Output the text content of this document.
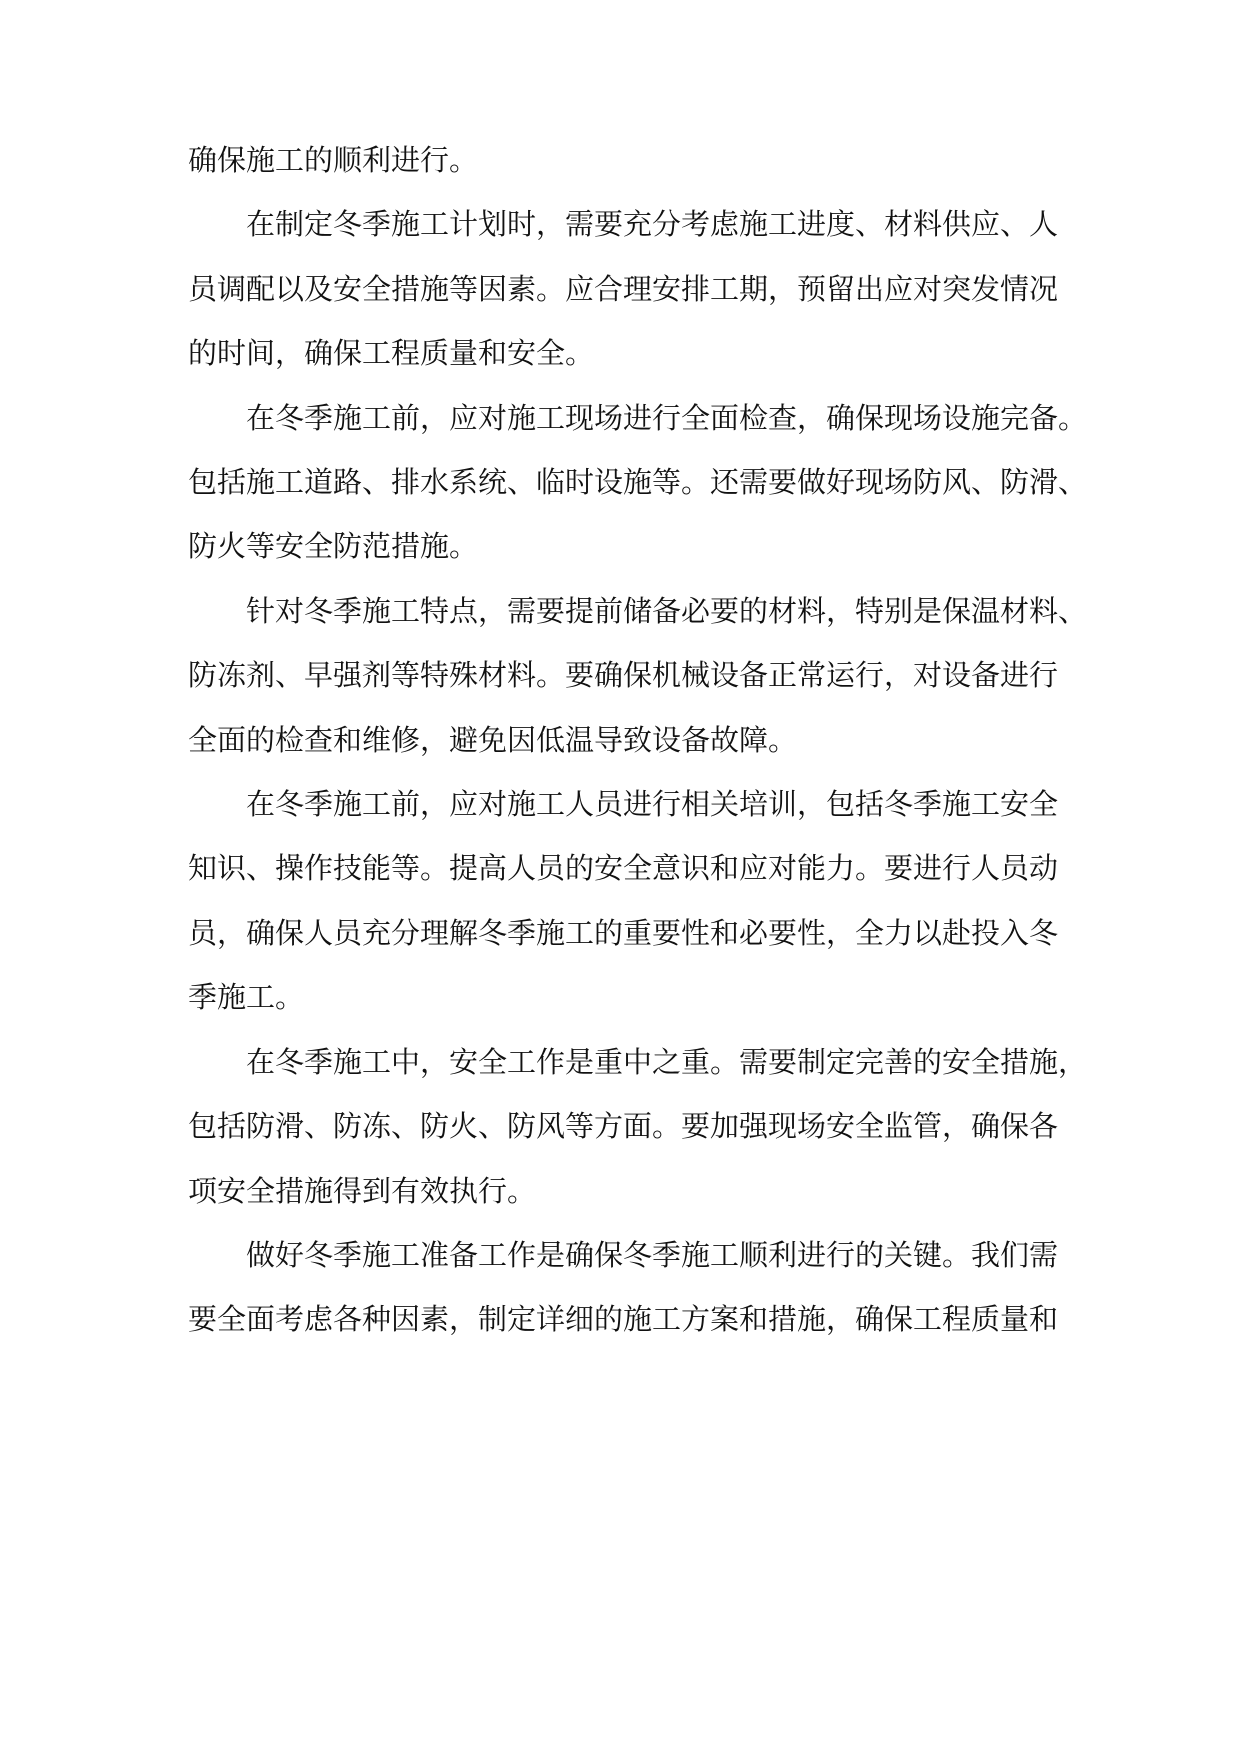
确保施工的顺利进行。
在制定冬季施工计划时，需要充分考虑施工进度、材料供应、人
员调配以及安全措施等因素。应合理安排工期，预留出应对突发情况
的时间，确保工程质量和安全。
在冬季施工前，应对施工现场进行全面检查，确保现场设施完备。
包括施工道路、排水系统、临时设施等。还需要做好现场防风、防滑、
防火等安全防范措施。
针对冬季施工特点，需要提前储备必要的材料，特别是保温材料、
防冻剂、早强剂等特殊材料。要确保机械设备正常运行，对设备进行
全面的检查和维修，避免因低温导致设备故障。
在冬季施工前，应对施工人员进行相关培训，包括冬季施工安全
知识、操作技能等。提高人员的安全意识和应对能力。要进行人员动
员，确保人员充分理解冬季施工的重要性和必要性，全力以赴投入冬
季施工。
在冬季施工中，安全工作是重中之重。需要制定完善的安全措施，
包括防滑、防冻、防火、防风等方面。要加强现场安全监管，确保各
项安全措施得到有效执行。
做好冬季施工准备工作是确保冬季施工顺利进行的关键。我们需
要全面考虑各种因素，制定详细的施工方案和措施，确保工程质量和
